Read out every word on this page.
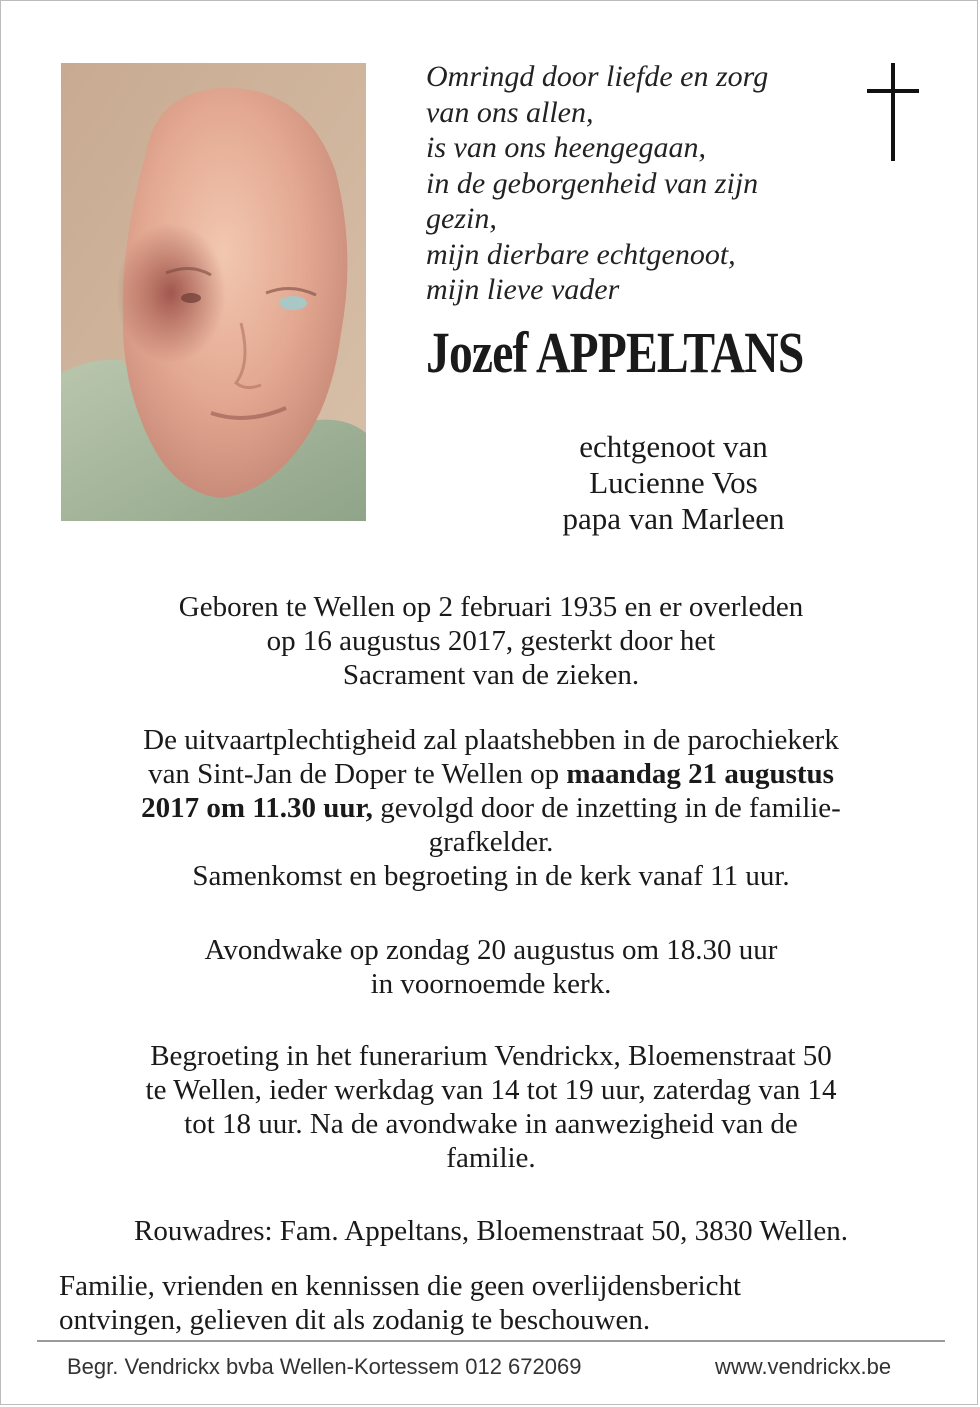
Omringd door liefde en zorg
van ons allen,
is van ons heengegaan,
in de geborgenheid van zijn
gezin,
mijn dierbare echtgenoot,
mijn lieve vader
Jozef APPELTANS
echtgenoot van
Lucienne Vos
papa van Marleen
Geboren te Wellen op 2 februari 1935 en er overleden
op 16 augustus 2017, gesterkt door het
Sacrament van de zieken.
De uitvaartplechtigheid zal plaatshebben in de parochiekerk
van Sint-Jan de Doper te Wellen op maandag 21 augustus
2017 om 11.30 uur, gevolgd door de inzetting in de familie-
grafkelder.
Samenkomst en begroeting in de kerk vanaf 11 uur.
Avondwake op zondag 20 augustus om 18.30 uur
in voornoemde kerk.
Begroeting in het funerarium Vendrickx, Bloemenstraat 50
te Wellen, ieder werkdag van 14 tot 19 uur, zaterdag van 14
tot 18 uur. Na de avondwake in aanwezigheid van de
familie.
Rouwadres: Fam. Appeltans, Bloemenstraat 50, 3830 Wellen.
Familie, vrienden en kennissen die geen overlijdensbericht
ontvingen, gelieven dit als zodanig te beschouwen.
Begr. Vendrickx bvba Wellen-Kortessem 012 672069	www.vendrickx.be
